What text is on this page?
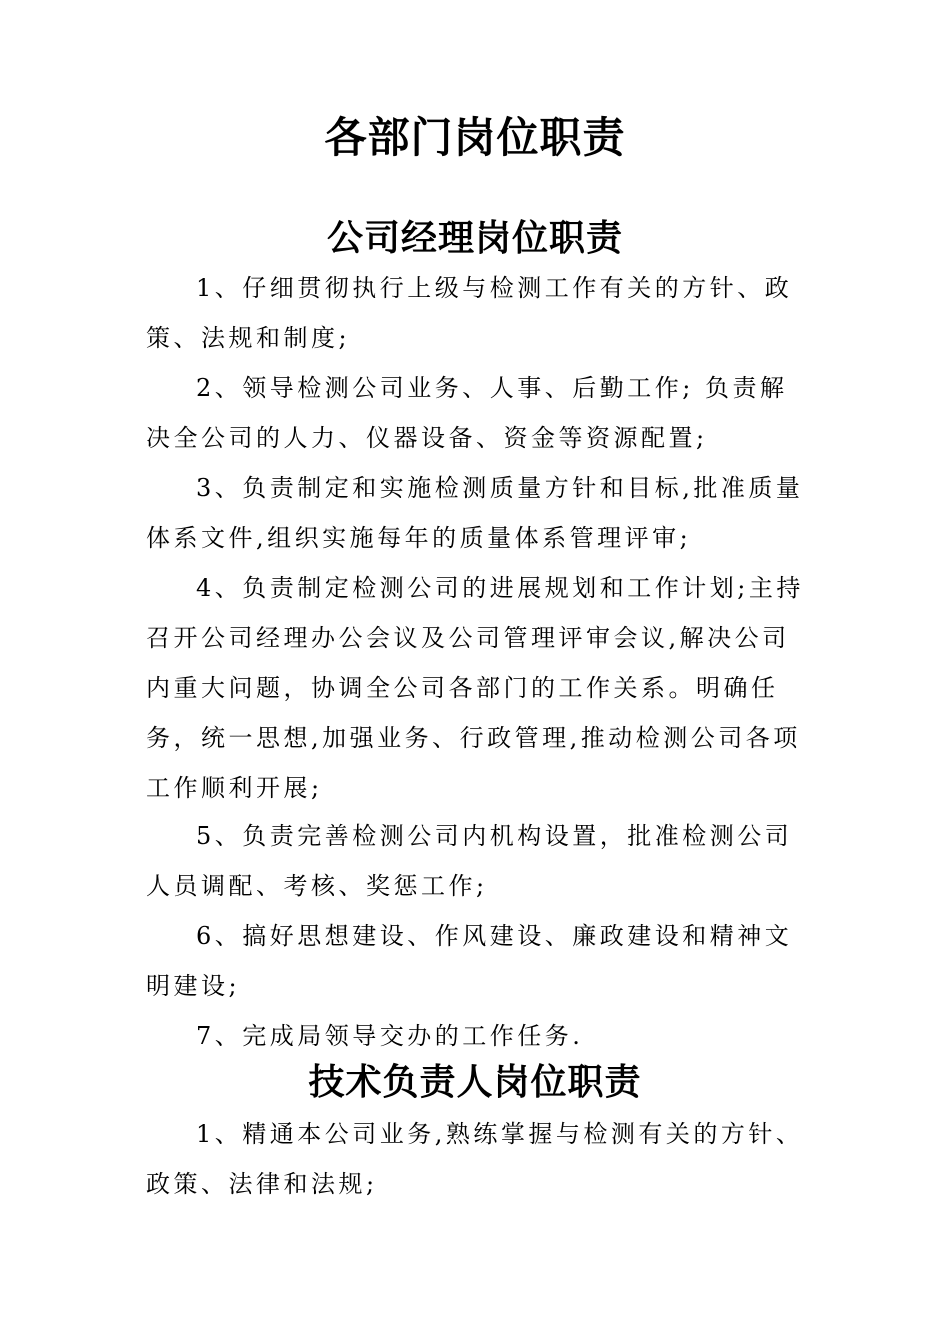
各部门岗位职责
公司经理岗位职责

1、仔细贯彻执行上级与检测工作有关的方针、政策、法规和制度;

2、领导检测公司业务、人事、后勤工作; 负责解决全公司的人力、仪器设备、资金等资源配置;

3、负责制定和实施检测质量方针和目标,批准质量体系文件,组织实施每年的质量体系管理评审;

4、负责制定检测公司的进展规划和工作计划;主持召开公司经理办公会议及公司管理评审会议,解决公司内重大问题，协调全公司各部门的工作关系。明确任务，统一思想,加强业务、行政管理,推动检测公司各项工作顺利开展;

5、负责完善检测公司内机构设置，批准检测公司人员调配、考核、奖惩工作;

6、搞好思想建设、作风建设、廉政建设和精神文明建设;

7、完成局领导交办的工作任务.

技术负责人岗位职责

1、精通本公司业务,熟练掌握与检测有关的方针、政策、法律和法规;
